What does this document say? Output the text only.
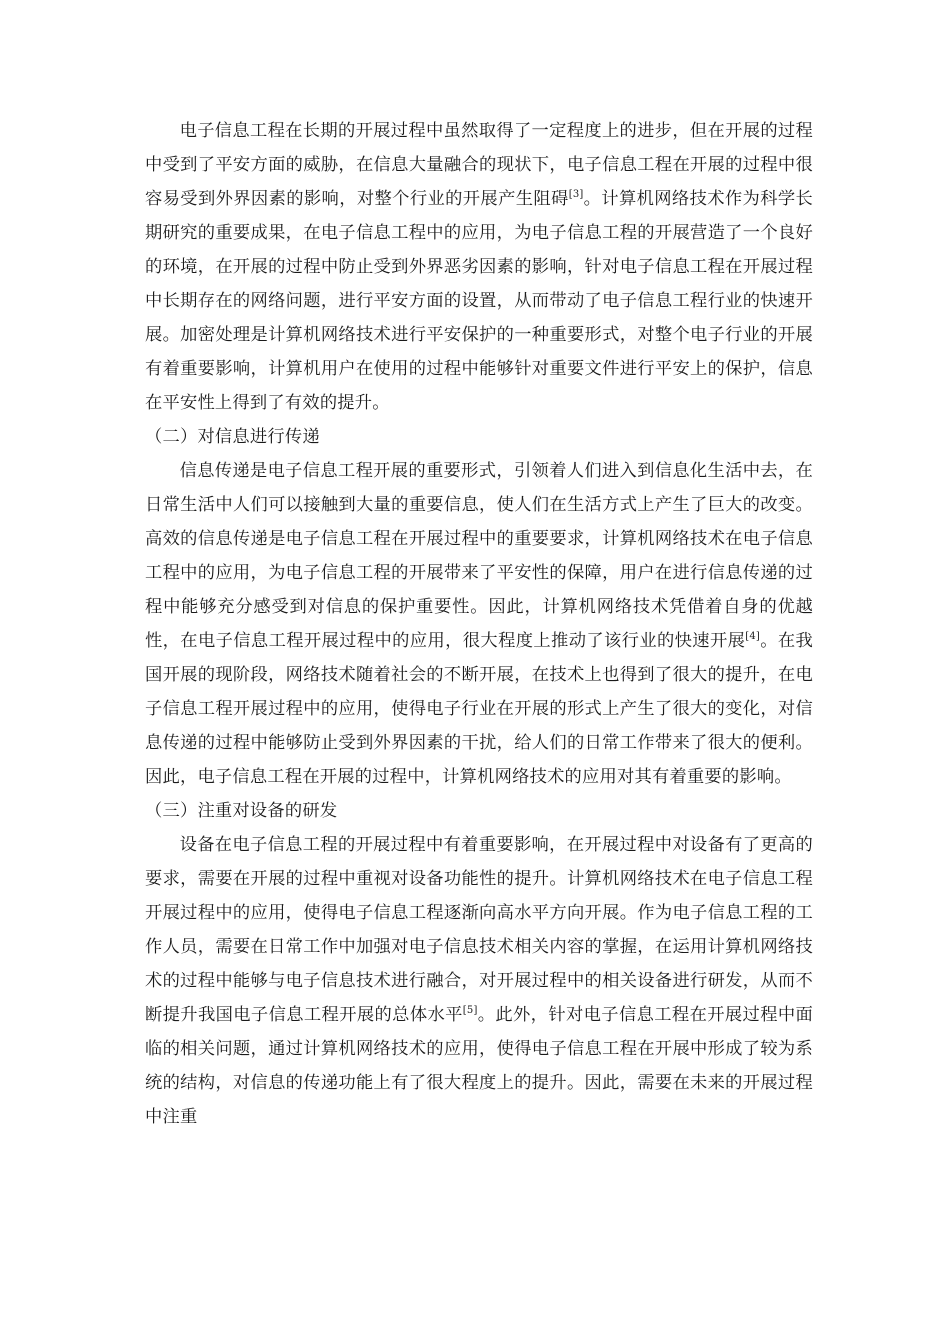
电子信息工程在长期的开展过程中虽然取得了一定程度上的进步，但在开展的过程中受到了平安方面的威胁，在信息大量融合的现状下，电子信息工程在开展的过程中很容易受到外界因素的影响，对整个行业的开展产生阻碍[3]。计算机网络技术作为科学长期研究的重要成果，在电子信息工程中的应用，为电子信息工程的开展营造了一个良好的环境，在开展的过程中防止受到外界恶劣因素的影响，针对电子信息工程在开展过程中长期存在的网络问题，进行平安方面的设置，从而带动了电子信息工程行业的快速开展。加密处理是计算机网络技术进行平安保护的一种重要形式，对整个电子行业的开展有着重要影响，计算机用户在使用的过程中能够针对重要文件进行平安上的保护，信息在平安性上得到了有效的提升。

（二）对信息进行传递

信息传递是电子信息工程开展的重要形式，引领着人们进入到信息化生活中去，在日常生活中人们可以接触到大量的重要信息，使人们在生活方式上产生了巨大的改变。高效的信息传递是电子信息工程在开展过程中的重要要求，计算机网络技术在电子信息工程中的应用，为电子信息工程的开展带来了平安性的保障，用户在进行信息传递的过程中能够充分感受到对信息的保护重要性。因此，计算机网络技术凭借着自身的优越性，在电子信息工程开展过程中的应用，很大程度上推动了该行业的快速开展[4]。在我国开展的现阶段，网络技术随着社会的不断开展，在技术上也得到了很大的提升，在电子信息工程开展过程中的应用，使得电子行业在开展的形式上产生了很大的变化，对信息传递的过程中能够防止受到外界因素的干扰，给人们的日常工作带来了很大的便利。因此，电子信息工程在开展的过程中，计算机网络技术的应用对其有着重要的影响。

（三）注重对设备的研发

设备在电子信息工程的开展过程中有着重要影响，在开展过程中对设备有了更高的要求，需要在开展的过程中重视对设备功能性的提升。计算机网络技术在电子信息工程开展过程中的应用，使得电子信息工程逐渐向高水平方向开展。作为电子信息工程的工作人员，需要在日常工作中加强对电子信息技术相关内容的掌握，在运用计算机网络技术的过程中能够与电子信息技术进行融合，对开展过程中的相关设备进行研发，从而不断提升我国电子信息工程开展的总体水平[5]。此外，针对电子信息工程在开展过程中面临的相关问题，通过计算机网络技术的应用，使得电子信息工程在开展中形成了较为系统的结构，对信息的传递功能上有了很大程度上的提升。因此，需要在未来的开展过程中注重
